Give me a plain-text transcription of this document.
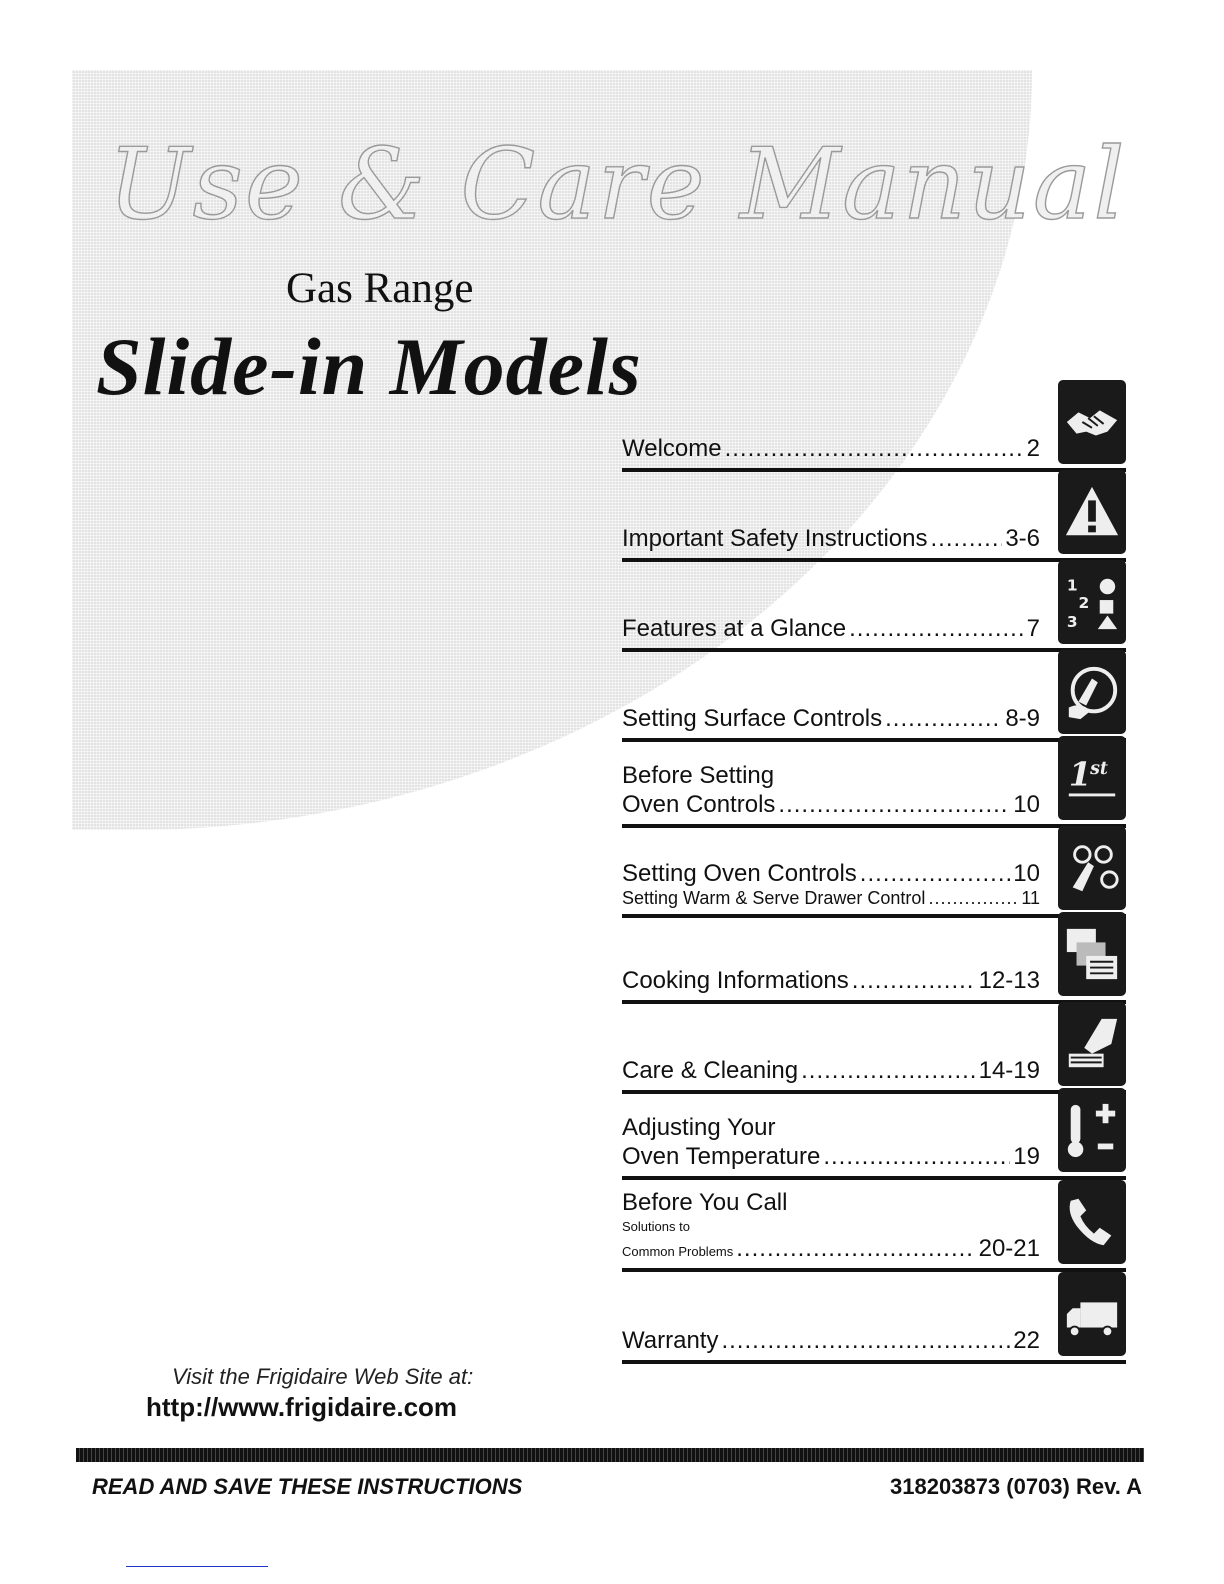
Use & Care Manual
Gas Range
Slide-in Models
Welcome .....	2
Important Safety Instructions .....	3-6
Features at a Glance .....	7
1
2
3
Setting Surface Controls .....	8-9
Before Setting
Oven Controls .....	10
1
st
Setting Oven Controls .....	10
Setting Warm & Serve Drawer Control .....	11
Cooking Informations .....	12-13
Care & Cleaning .....	14-19
Adjusting Your
Oven Temperature .....	19
Before You Call
Solutions to
Common Problems .....	20-21
Warranty .....	22
Visit the Frigidaire Web Site at:
http://www.frigidaire.com
READ AND SAVE THESE INSTRUCTIONS	318203873 (0703) Rev. A
